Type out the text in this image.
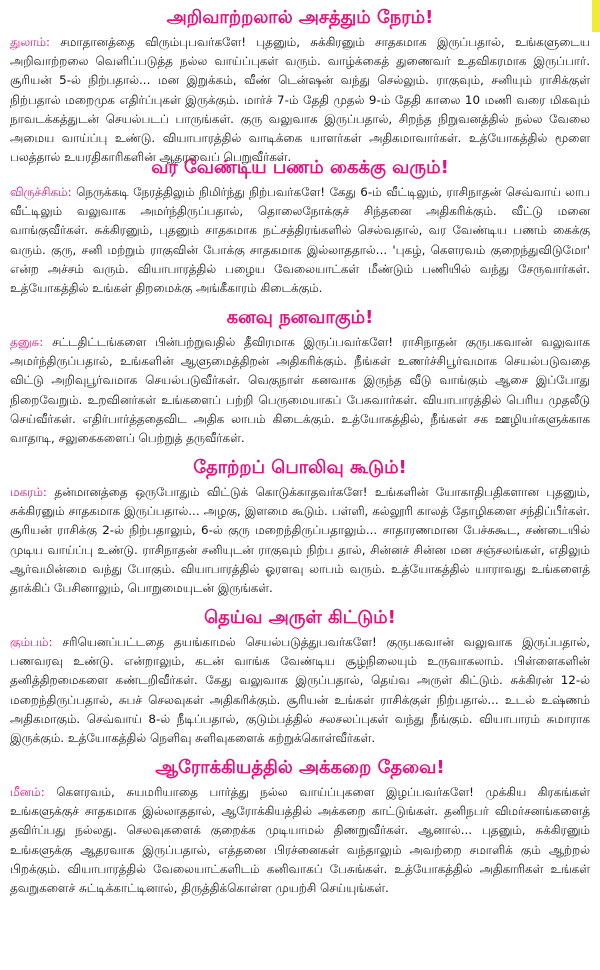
அறிவாற்றலால் அசத்தும் நேரம்!

துலாம்: சமாதானத்தை விரும்புபவர்களே! புதனும், சுக்கிரனும் சாதகமாக இருப்பதால், உங்களுடைய அறிவாற்றலை வெளிப்படுத்த நல்ல வாய்ப்புகள் வரும். வாழ்க்கைத் துணைவர் உதவிகரமாக இருப்பார். சூரியன் 5-ல் நிற்பதால்... மன இறுக்கம், வீண் டென்ஷன் வந்து செல்லும். ராகுவும், சனியும் ராசிக்குள் நிற்பதால் மறைமுக எதிர்ப்புகள் இருக்கும். மார்ச் 7-ம் தேதி முதல் 9-ம் தேதி காலை 10 மணி வரை மிகவும் நாவடக்கத்துடன் செயல்படப் பாருங்கள். குரு வலுவாக இருப்பதால், சிறந்த நிறுவனத்தில் நல்ல வேலை அமைய வாய்ப்பு உண்டு. வியாபாரத்தில் வாடிக்கை யாளர்கள் அதிகமாவார்கள். உத்யோகத்தில் மூளை பலத்தால் உயரதிகாரிகளின் ஆதரவைப் பெறுவீர்கள்.

வர வேண்டிய பணம் கைக்கு வரும்!

விருச்சிகம்: நெருக்கடி நேரத்திலும் நிமிர்ந்து நிற்பவர்களே! கேது 6-ம் வீட்டிலும், ராசிநாதன் செவ்வாய் லாப வீட்டிலும் வலுவாக அமர்ந்திருப்பதால், தொலைநோக்குச் சிந்தனை அதிகரிக்கும். வீட்டு மனை வாங்குவீர்கள். சுக்கிரனும், புதனும் சாதகமாக நட்சத்திரங்களில் செல்வதால், வர வேண்டிய பணம் கைக்கு வரும். குரு, சனி மற்றும் ராகுவின் போக்கு சாதகமாக இல்லாததால்... 'புகழ், கௌரவம் குறைந்துவிடுமோ' என்ற அச்சம் வரும். வியாபாரத்தில் பழைய வேலையாட்கள் மீண்டும் பணியில் வந்து சேருவார்கள். உத்யோகத்தில் உங்கள் திறமைக்கு அங்கீகாரம் கிடைக்கும்.

கனவு நனவாகும்!

தனுசு: சட்டதிட்டங்களை பின்பற்றுவதில் தீவிரமாக இருப்பவர்களே! ராசிநாதன் குருபகவான் வலுவாக அமர்ந்திருப்பதால், உங்களின் ஆளுமைத்திறன் அதிகரிக்கும். நீங்கள் உணர்ச்சிபூர்வமாக செயல்படுவதை விட்டு அறிவுபூர்வமாக செயல்படுவீர்கள். வெகுநாள் கனவாக இருந்த வீடு வாங்கும் ஆசை இப்போது நிறைவேறும். உறவினர்கள் உங்களைப் பற்றி பெருமையாகப் பேசுவார்கள். வியாபாரத்தில் பெரிய முதலீடு செய்வீர்கள். எதிர்பார்த்ததைவிட அதிக லாபம் கிடைக்கும். உத்யோகத்தில், நீங்கள் சக ஊழியர்களுக்காக வாதாடி, சலுகைகளைப் பெற்றுத் தருவீர்கள்.

தோற்றப் பொலிவு கூடும்!

மகரம்: தன்மானத்தை ஒருபோதும் விட்டுக் கொடுக்காதவர்களே! உங்களின் யோகாதிபதிகளான புதனும், சுக்கிரனும் சாதகமாக இருப்பதால்... அழகு, இளமை கூடும். பள்ளி, கல்லூரி காலத் தோழிகளை சந்திப்பீர்கள். சூரியன் ராசிக்கு 2-ல் நிற்பதாலும், 6-ல் குரு மறைந்திருப்பதாலும்... சாதாரணமான பேச்சுகூட, சண்டையில் முடிய வாய்ப்பு உண்டு. ராசிநாதன் சனியுடன் ராகுவும் நிற்ப தால், சின்னச் சின்ன மன சஞ்சலங்கள், எதிலும் ஆர்வமின்மை வந்து போகும். வியாபாரத்தில் ஓரளவு லாபம் வரும். உத்யோகத்தில் யாராவது உங்களைத் தாக்கிப் பேசினாலும், பொறுமையுடன் இருங்கள்.

தெய்வ அருள் கிட்டும்!

கும்பம்: சரியெனப்பட்டதை தயங்காமல் செயல்படுத்துபவர்களே! குருபகவான் வலுவாக இருப்பதால், பணவரவு உண்டு. என்றாலும், கடன் வாங்க வேண்டிய சூழ்நிலையும் உருவாகலாம். பிள்ளைகளின் தனித்திறமைகளை கண்டறிவீர்கள். கேது வலுவாக இருப்பதால், தெய்வ அருள் கிட்டும். சுக்கிரன் 12-ல் மறைந்திருப்பதால், சுபச் செலவுகள் அதிகரிக்கும். சூரியன் உங்கள் ராசிக்குள் நிற்பதால்... உடல் உஷ்ணம் அதிகமாகும். செவ்வாய் 8-ல் நீடிப்பதால், குடும்பத்தில் சலசலப்புகள் வந்து நீங்கும். வியாபாரம் சுமாராக இருக்கும். உத்யோகத்தில் நெளிவு சுளிவுகளைக் கற்றுக்கொள்வீர்கள்.

ஆரோக்கியத்தில் அக்கறை தேவை!

மீனம்: கௌரவம், சுயமரியாதை பார்த்து நல்ல வாய்ப்புகளை இழப்பவர்களே! முக்கிய கிரகங்கள் உங்களுக்குச் சாதகமாக இல்லாததால், ஆரோக்கியத்தில் அக்கறை காட்டுங்கள். தனிநபர் விமர்சனங்களைத் தவிர்ப்பது நல்லது. செலவுகளைக் குறைக்க முடியாமல் திணறுவீர்கள். ஆனால்... புதனும், சுக்கிரனும் உங்களுக்கு ஆதரவாக இருப்பதால், எத்தனை பிரச்னைகள் வந்தாலும் அவற்றை சமாளிக் கும் ஆற்றல் பிறக்கும். வியாபாரத்தில் வேலையாட்களிடம் கனிவாகப் பேசுங்கள். உத்யோகத்தில் அதிகாரிகள் உங்கள் தவறுகளைச் சுட்டிக்காட்டினால், திருத்திக்கொள்ள முயற்சி செய்யுங்கள்.
